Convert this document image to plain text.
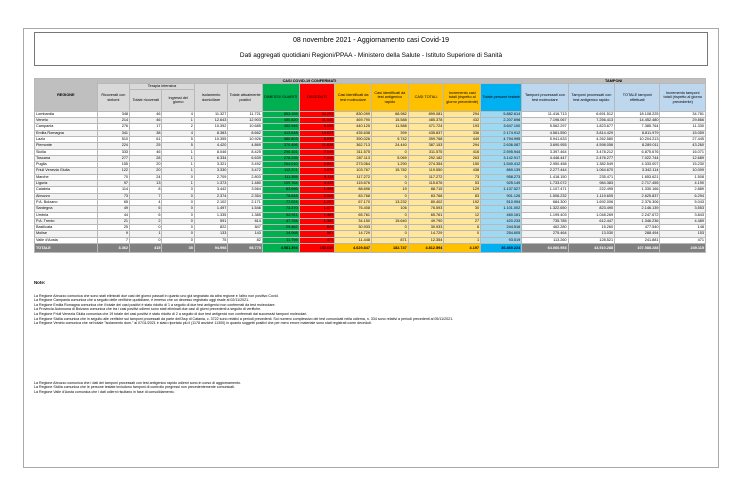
08 novembre 2021 - Aggiornamento casi Covid-19
Dati aggregati quotidiani Regioni/PPAA - Ministero della Salute - Istituto Superiore di Sanità
REGIONE	CASI COVID-19 CONFERMATI												TAMPONI			
	Ricoverati con sintomi	Terapia intensiva		Isolamento domiciliare	Totale attualmente positivi	DIMESSI/ GUARITI	DECEDUTI	Casi identificati da test molecolare	Casi identificati da test antigenico rapido	CASI TOTALI	Incremento casi totali (rispetto al giorno precedente)	Totale persone testate	Tamponi processati con test molecolare	Tamponi processati con test antigenico rapido	TOTALE tamponi effettuati	Incremento tamponi totali (rispetto al giorno precedente)
		Totale ricoverati	Ingressi del giorno													
Lombardia	348	46	4	11.327	11.721	853.159	34.203	830.099	68.982	899.081	294	5.882.614	11.416.713	6.691.512	18.108.225	34.781
Veneto	214	46	1	12.643	12.903	480.820	11.840	469.790	15.588	485.378	432	2.207.698	7.196.067	7.256.413	14.452.480	29.866
Campania	276	17	2	10.392	10.685	452.946	8.093	440.125	11.588	471.724	193	3.647.100	5.562.297	1.823.677	7.385.764	11.330
Emilia Romagna	341	38	4	8.383	8.662	413.548	13.627	435.638	399	435.837	336	2.174.912	4.561.550	3.814.429	8.811.979	15.059
Lazio	510	61	5	10.355	10.926	380.803	8.839	390.026	9.742	399.768	449	4.794.995	5.941.633	4.262.580	10.204.213	27.445
Piemonte	224	25	5	4.420	4.869	370.456	11.828	362.713	24.440	387.153	294	2.636.087	3.690.955	4.598.056	8.289.011	43.260
Sicilia	333	46	1	8.046	8.425	296.101	7.049	311.575	0	311.575	416	2.595.944	3.397.464	3.478.212	6.875.676	16.071
Toscana	277	28	1	6.334	6.639	278.235	7.308	287.113	5.069	292.182	263	3.142.917	4.446.447	2.476.277	7.022.744	12.689
Puglia	155	20	1	3.321	3.492	264.010	6.852	273.064	1.290	274.354	150	1.540.412	2.950.458	1.382.549	4.333.007	15.230
Friuli Venezia Giulia	122	20	1	3.330	3.472	112.201	3.876	103.767	15.782	119.550	438	869.139	2.277.444	1.064.670	3.342.114	10.009
Marche	70	24	0	2.709	2.803	111.355	3.114	117.272	0	117.272	73	958.273	1.418.150	235.471	1.653.621	1.508
Liguria	97	13	1	1.373	1.480	109.764	4.432	115.676	0	115.676	53	925.149	1.733.072	984.383	2.717.455	4.190
Calabria	114	8	0	3.442	3.564	83.696	1.455	88.696	19	88.715	129	1.137.527	1.107.471	222.495	1.330.166	2.889
Abruzzo	73	7	0	2.374	2.354	78.848	2.566	83.768	0	83.768	83	901.126	1.506.232	1.119.605	2.625.837	6.294
P.A. Bolzano	65	4	0	2.102	2.171	77.024	1.207	67.170	13.232	80.402	192	510.994	684.300	1.692.006	2.376.306	5.043
Sardegna	49	6	0	1.497	1.546	73.370	1.677	76.408	106	76.593	30	1.101.002	1.322.650	823.490	2.146.139	3.553
Umbria	44	6	0	1.335	1.385	62.911	1.469	65.761	0	65.761	12	460.161	1.199.403	1.048.269	2.247.672	3.843
P.A. Trento	21	2	0	591	614	47.794	1.382	34.150	15.640	49.790	27	420.233	735.785	612.447	1.346.236	4.489
Basilicata	25	0	0	822	847	29.462	624	30.933	0	30.933	6	244.516	462.280	15.260	477.540	148
Molise	9	1	0	133	143	14.068	501	14.729	0	14.729	0	254.605	275.464	13.030	288.494	153
Valle d'Aosta	7	0	0	75	82	11.799	474	11.448	871	12.354	1	93.519	113.260	128.521	241.881	471
TOTALE	3.362	415	35	94.998	98.775	4.581.394	132.619	4.629.847	182.747	4.812.594	4.197	36.469.224	64.060.953	43.510.288	107.588.288	249.115
Note:

La Regione Abruzzo comunica che sono stati eliminati due casi del giorno passati in quanto uno già segnalato da altra regione e l'altro non positivo Covid.

La Regione Campania comunica che a seguito delle verifiche quotidiane, è emerso che un decesso registrato oggi risale al 02/11/2021.

La Regione Emilia Romagna comunica che il totale dei casi positivi è stato ridotto di 1 a seguito di due test antigenici non confermati da test molecolare.

La Provincia Autonoma di Bolzano comunica che tra i casi positivi odierni sono stati eliminati due casi di giorni precedenti a seguito di verifiche.

La Regione Friuli Venezia Giulia comunica che 19 totale dei casi positivi è stato ridotto di 2 a seguito di due test antigenici non confermati dal successivi tamponi molecolari.

La Regione Sicilia comunica che in seguito alle verifiche sui tamponi processati da parte dell'Asp di Catania, c. 3722 sono relativi a periodi precedenti. Sui numero complessivo dei test comunicati nella odierna, n. 334 sono relativi a periodi precedenti al 05/11/2021.

La Regione Veneto comunica che nel totale "isolamento dom." al 07/11/2021 è stato riportato più il (1178 anziché 11300) in quanto soggetti positivi che per mero errore materiale sono stati registrati come deceduti.

La Regione Abruzzo comunica che i dati dei tamponi processati con test antigenico rapido odierni sono in corso di aggiornamento.

La Regione Sicilia comunica che le persone testate includono tamponi di controllo pregressi non precedentemente comunicati.

La Regione Valle d'Aosta comunica che i dati odierni risultano in fase di consolidamento.
